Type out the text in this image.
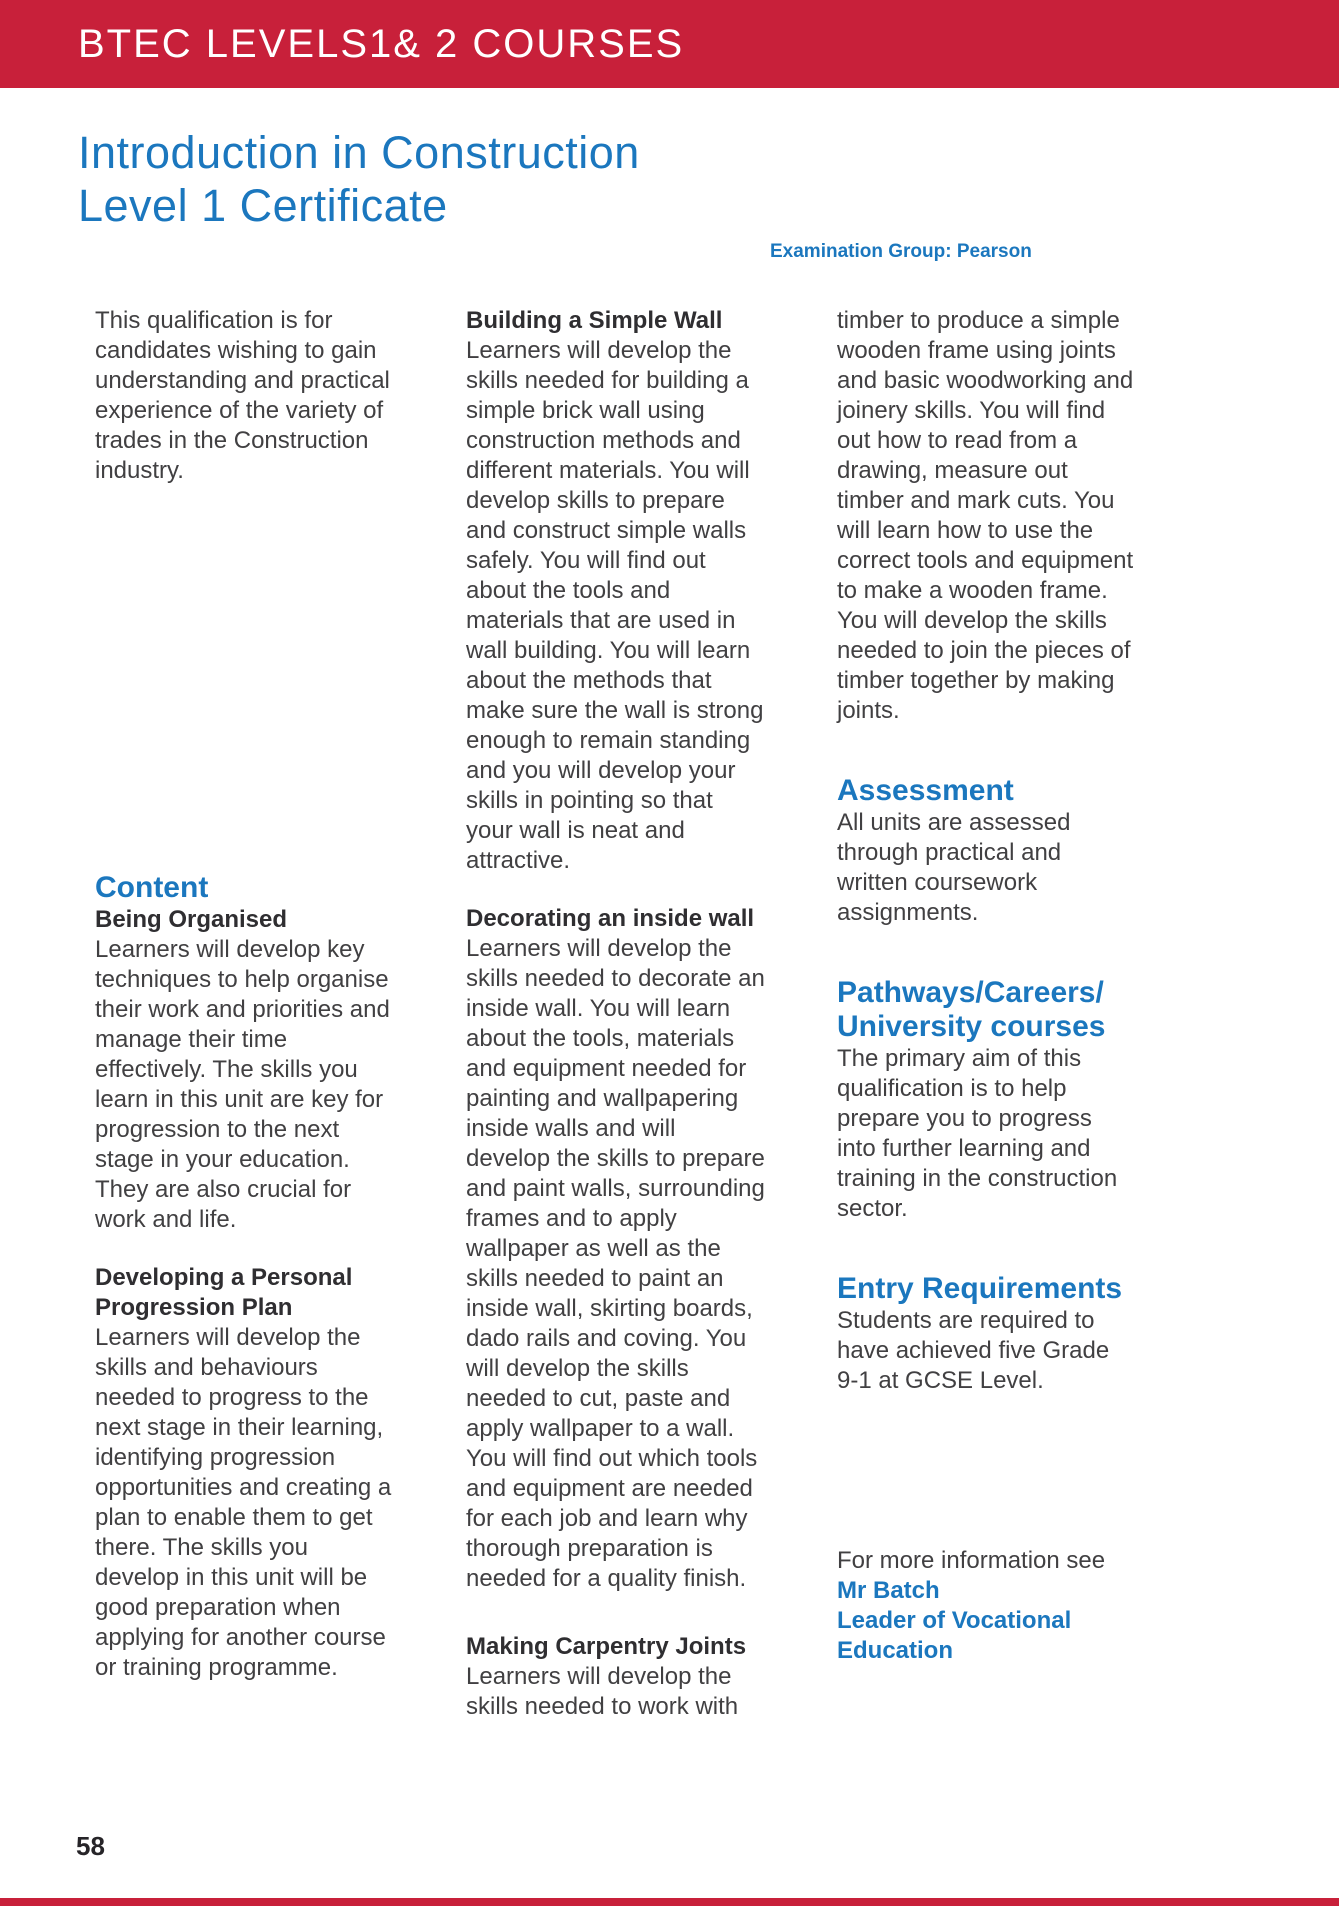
BTEC LEVELS1& 2 COURSES
Introduction in Construction
Level 1 Certificate
Examination Group: Pearson

This qualification is for candidates wishing to gain understanding and practical experience of the variety of trades in the Construction industry.

Content
Being Organised

Learners will develop key techniques to help organise their work and priorities and manage their time effectively. The skills you learn in this unit are key for progression to the next stage in your education. They are also crucial for work and life.

Developing a Personal Progression Plan

Learners will develop the skills and behaviours needed to progress to the next stage in their learning, identifying progression opportunities and creating a plan to enable them to get there. The skills you develop in this unit will be good preparation when applying for another course or training programme.

Building a Simple Wall

Learners will develop the skills needed for building a simple brick wall using construction methods and different materials. You will develop skills to prepare and construct simple walls safely. You will find out about the tools and materials that are used in wall building. You will learn about the methods that make sure the wall is strong enough to remain standing and you will develop your skills in pointing so that your wall is neat and attractive.

Decorating an inside wall

Learners will develop the skills needed to decorate an inside wall. You will learn about the tools, materials and equipment needed for painting and wallpapering inside walls and will develop the skills to prepare and paint walls, surrounding frames and to apply wallpaper as well as the skills needed to paint an inside wall, skirting boards, dado rails and coving. You will develop the skills needed to cut, paste and apply wallpaper to a wall. You will find out which tools and equipment are needed for each job and learn why thorough preparation is needed for a quality finish.

Making Carpentry Joints

Learners will develop the skills needed to work with

timber to produce a simple wooden frame using joints and basic woodworking and joinery skills. You will find out how to read from a drawing, measure out timber and mark cuts. You will learn how to use the correct tools and equipment to make a wooden frame. You will develop the skills needed to join the pieces of timber together by making joints.

Assessment

All units are assessed through practical and written coursework assignments.

Pathways/Careers/
University courses

The primary aim of this qualification is to help prepare you to progress into further learning and training in the construction sector.

Entry Requirements

Students are required to have achieved five Grade 9-1 at GCSE Level.

For more information see

Mr Batch

Leader of Vocational

Education

58
